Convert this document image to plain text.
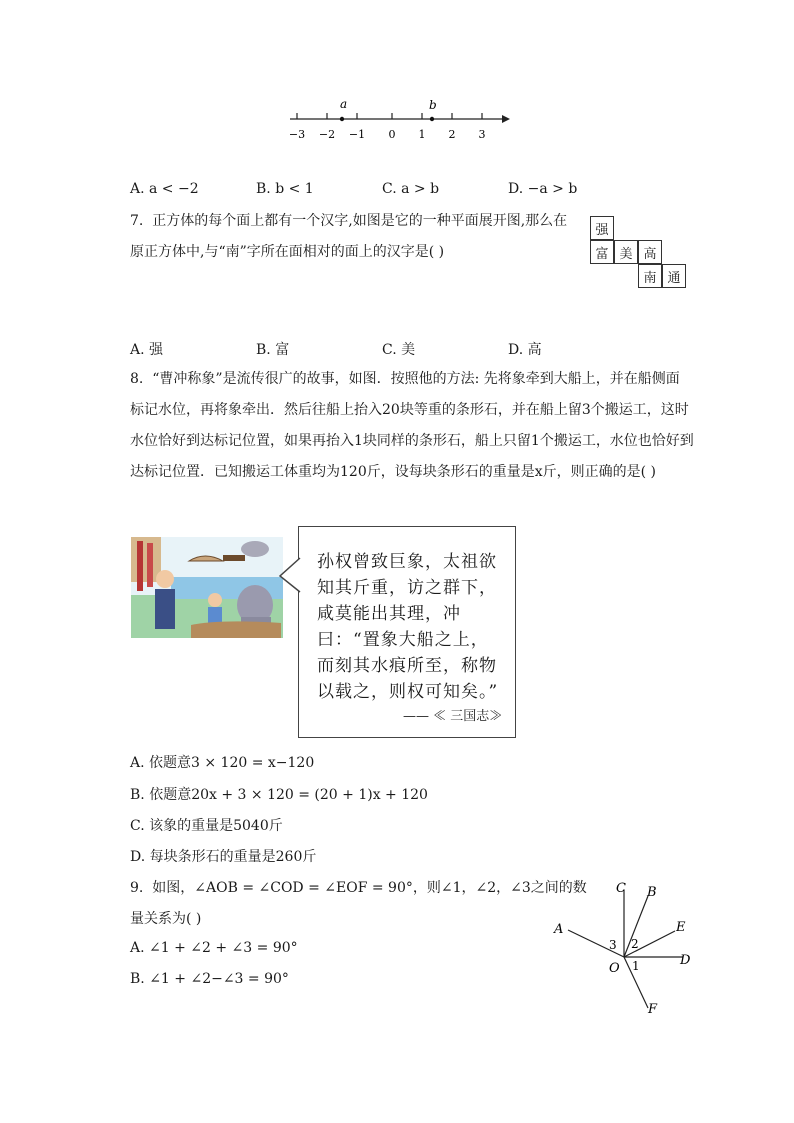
a	b
−3 −2 −1 0 1 2 3
A. a < −2	B. b < 1	C. a > b	D. −a > b
7. 正方体的每个面上都有一个汉字,如图是它的一种平面展开图,那么在
原正方体中,与“南”字所在面相对的面上的汉字是( )
强
富 美 高
南 通
A. 强	B. 富	C. 美	D. 高
8. “曹冲称象”是流传很广的故事，如图．按照他的方法: 先将象牵到大船上，并在船侧面
标记水位，再将象牵出．然后往船上抬入20块等重的条形石，并在船上留3个搬运工，这时
水位恰好到达标记位置，如果再抬入1块同样的条形石，船上只留1个搬运工，水位也恰好到
达标记位置．已知搬运工体重均为120斤，设每块条形石的重量是x斤，则正确的是( )
孙权曾致巨象，太祖欲
知其斤重，访之群下，
咸莫能出其理，冲
曰：“置象大船之上，
而刻其水痕所至，称物
以载之，则权可知矣。”
—— ≪ 三国志≫
A. 依题意3 × 120 = x−120
B. 依题意20x + 3 × 120 = (20 + 1)x + 120
C. 该象的重量是5040斤
D. 每块条形石的重量是260斤
9. 如图，∠AOB = ∠COD = ∠EOF = 90°，则∠1，∠2，∠3之间的数
量关系为( )
A. ∠1 + ∠2 + ∠3 = 90°
B. ∠1 + ∠2−∠3 = 90°
C B
E
D
A
F
O 1
2
3
